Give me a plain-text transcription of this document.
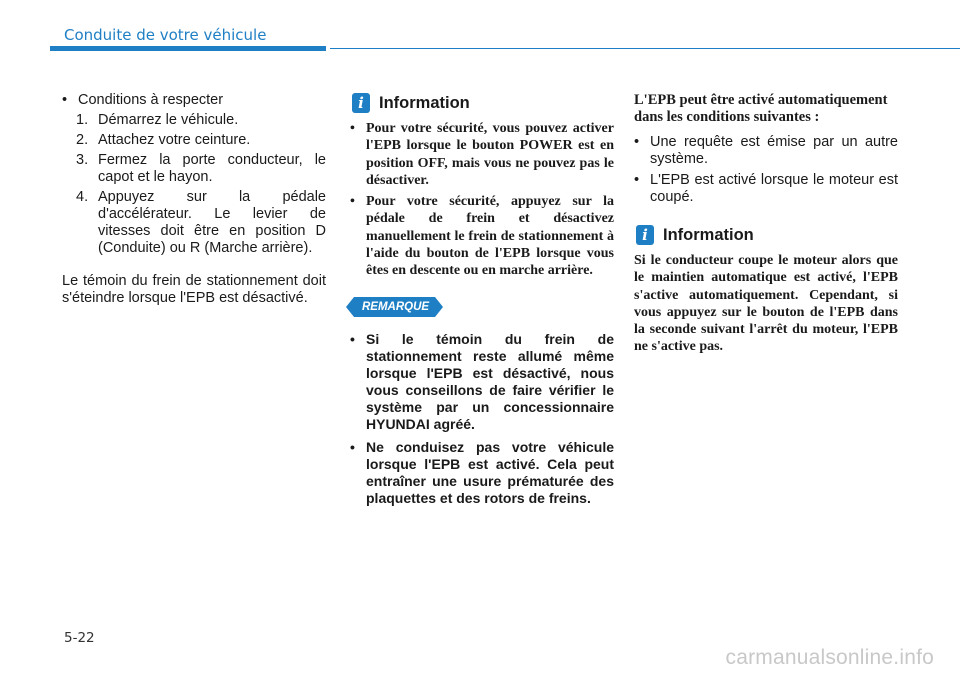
Conduite de votre véhicule
• Conditions à respecter
1. Démarrez le véhicule.
2. Attachez votre ceinture.
3. Fermez la porte conducteur, le capot et le hayon.
4. Appuyez sur la pédale d'accélérateur. Le levier de vitesses doit être en position D (Conduite) ou R (Marche arrière).
Le témoin du frein de stationnement doit s'éteindre lorsque l'EPB est désactivé.
i Information
• Pour votre sécurité, vous pouvez activer l'EPB lorsque le bouton POWER est en position OFF, mais vous ne pouvez pas le désactiver.
• Pour votre sécurité, appuyez sur la pédale de frein et désactivez manuellement le frein de stationnement à l'aide du bouton de l'EPB lorsque vous êtes en descente ou en marche arrière.
REMARQUE
• Si le témoin du frein de stationnement reste allumé même lorsque l'EPB est désactivé, nous vous conseillons de faire vérifier le système par un concessionnaire HYUNDAI agréé.
• Ne conduisez pas votre véhicule lorsque l'EPB est activé. Cela peut entraîner une usure prématurée des plaquettes et des rotors de freins.
L'EPB peut être activé automatiquement dans les conditions suivantes :
• Une requête est émise par un autre système.
• L'EPB est activé lorsque le moteur est coupé.
i Information
Si le conducteur coupe le moteur alors que le maintien automatique est activé, l'EPB s'active automatiquement. Cependant, si vous appuyez sur le bouton de l'EPB dans la seconde suivant l'arrêt du moteur, l'EPB ne s'active pas.
5-22
carmanualsonline.info
